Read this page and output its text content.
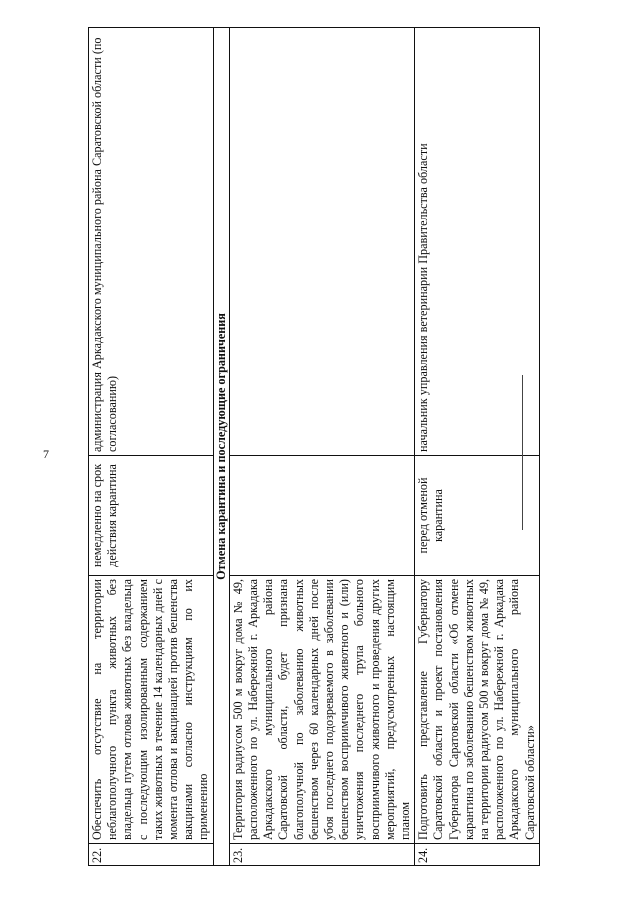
7
22.	Обеспечить отсутствие на территории неблагополучного пункта животных без владельца путем отлова животных без владельца с последующим изолированным содержанием таких животных в течение 14 календарных дней с момента отлова и вакцинацией против бешенства вакцинами согласно инструкциям по их применению	немедленно на срок действия карантина	администрация Аркадакского муниципального района Саратовской области (по согласованию)
Отмена карантина и последующие ограничения			
23.	Территория радиусом 500 м вокруг дома № 49, расположенного по ул. Набережной г. Аркадака Аркадакского муниципального района Саратовской области, будет признана благополучной по заболеванию животных бешенством через 60 календарных дней после убоя последнего подозреваемого в заболевании бешенством восприимчивого животного и (или) уничтожения последнего трупа больного восприимчивого животного и проведения других мероприятий, предусмотренных настоящим планом		
24.	Подготовить представление Губернатору Саратовской области и проект постановления Губернатора Саратовской области «Об отмене карантина по заболеванию бешенством животных на территории радиусом 500 м вокруг дома № 49, расположенного по ул. Набережной г. Аркадака Аркадакского муниципального района Саратовской области»	перед отменой карантина	начальник управления ветеринарии Правительства области
